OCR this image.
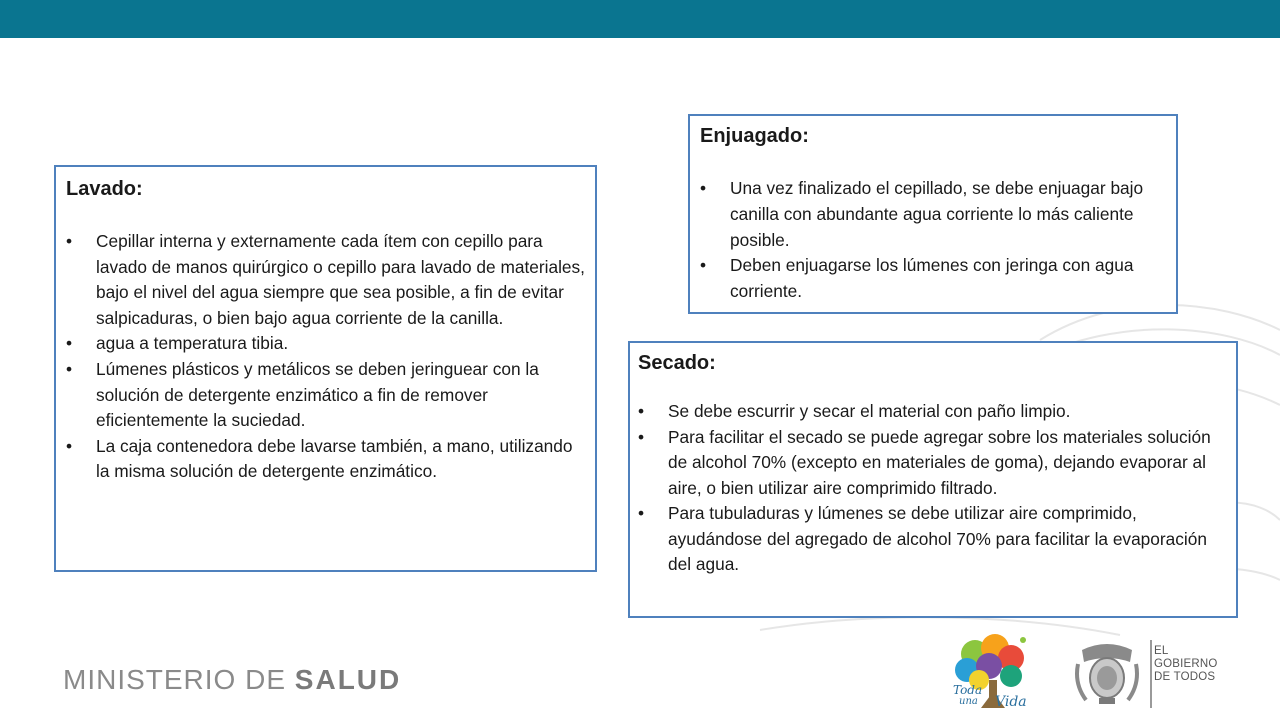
Lavado:
• Cepillar interna y externamente cada ítem con cepillo para lavado de manos quirúrgico o cepillo para lavado de materiales, bajo el nivel del agua siempre que sea posible, a fin de evitar salpicaduras, o bien bajo agua corriente de la canilla.
• agua a temperatura tibia.
• Lúmenes plásticos y metálicos se deben jeringuear con la solución de detergente enzimático a fin de remover eficientemente la suciedad.
• La caja contenedora debe lavarse también, a mano, utilizando la misma solución de detergente enzimático.
Enjuagado:
• Una vez finalizado el cepillado, se debe enjuagar bajo canilla con abundante agua corriente lo más caliente posible.
• Deben enjuagarse los lúmenes con jeringa con agua corriente.
Secado:
• Se debe escurrir y secar el material con paño limpio.
• Para facilitar el secado se puede agregar sobre los materiales solución de alcohol 70% (excepto en materiales de goma), dejando evaporar al aire, o bien utilizar aire comprimido filtrado.
• Para tubuladuras y lúmenes se debe utilizar aire comprimido, ayudándose del agregado de alcohol 70% para facilitar la evaporación del agua.
MINISTERIO DE SALUD	Toda
una Vida
EL
GOBIERNO
DE TODOS
